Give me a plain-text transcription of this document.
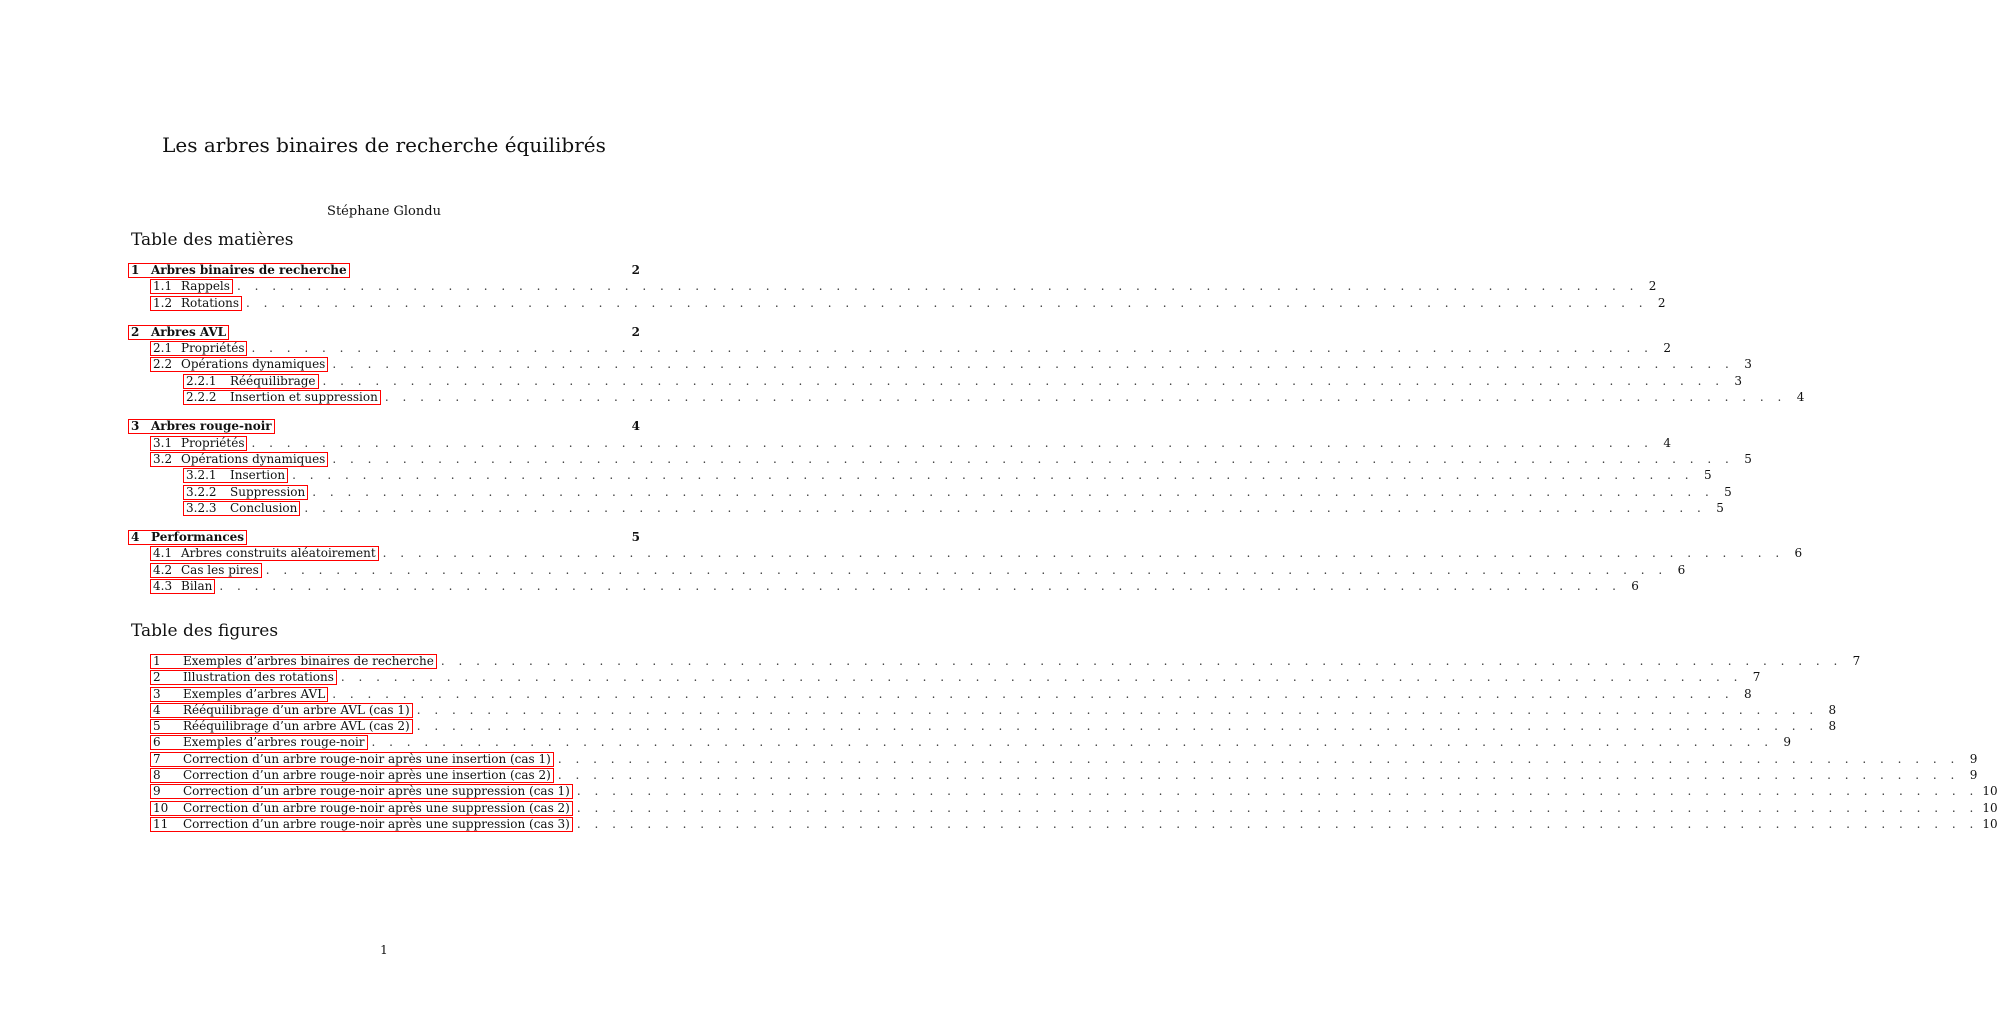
Les arbres binaires de recherche équilibrés
Stéphane Glondu
Table des matières
1 Arbres binaires de recherche	2
1.1 Rappels . . . . . . . . . . . . . . . . . . . . . . . . . . . . . . . . . . . . . . . . . . . . . . . . . . . . . . . . . . . . . . . . . . . . . . . . . . . . . . . . 2
1.2 Rotations . . . . . . . . . . . . . . . . . . . . . . . . . . . . . . . . . . . . . . . . . . . . . . . . . . . . . . . . . . . . . . . . . . . . . . . . . . . . . . . . 2
2 Arbres AVL	2
2.1 Propriétés . . . . . . . . . . . . . . . . . . . . . . . . . . . . . . . . . . . . . . . . . . . . . . . . . . . . . . . . . . . . . . . . . . . . . . . . . . . . . . . . 2
2.2 Opérations dynamiques . . . . . . . . . . . . . . . . . . . . . . . . . . . . . . . . . . . . . . . . . . . . . . . . . . . . . . . . . . . . . . . . . . . . . . . . . . . . . . . . 3
2.2.1 Rééquilibrage . . . . . . . . . . . . . . . . . . . . . . . . . . . . . . . . . . . . . . . . . . . . . . . . . . . . . . . . . . . . . . . . . . . . . . . . . . . . . . . . 3
2.2.2 Insertion et suppression . . . . . . . . . . . . . . . . . . . . . . . . . . . . . . . . . . . . . . . . . . . . . . . . . . . . . . . . . . . . . . . . . . . . . . . . . . . . . . . . 4
3 Arbres rouge-noir	4
3.1 Propriétés . . . . . . . . . . . . . . . . . . . . . . . . . . . . . . . . . . . . . . . . . . . . . . . . . . . . . . . . . . . . . . . . . . . . . . . . . . . . . . . . 4
3.2 Opérations dynamiques . . . . . . . . . . . . . . . . . . . . . . . . . . . . . . . . . . . . . . . . . . . . . . . . . . . . . . . . . . . . . . . . . . . . . . . . . . . . . . . . 5
3.2.1 Insertion . . . . . . . . . . . . . . . . . . . . . . . . . . . . . . . . . . . . . . . . . . . . . . . . . . . . . . . . . . . . . . . . . . . . . . . . . . . . . . . . 5
3.2.2 Suppression . . . . . . . . . . . . . . . . . . . . . . . . . . . . . . . . . . . . . . . . . . . . . . . . . . . . . . . . . . . . . . . . . . . . . . . . . . . . . . . . 5
3.2.3 Conclusion . . . . . . . . . . . . . . . . . . . . . . . . . . . . . . . . . . . . . . . . . . . . . . . . . . . . . . . . . . . . . . . . . . . . . . . . . . . . . . . . 5
4 Performances	5
4.1 Arbres construits aléatoirement . . . . . . . . . . . . . . . . . . . . . . . . . . . . . . . . . . . . . . . . . . . . . . . . . . . . . . . . . . . . . . . . . . . . . . . . . . . . . . . . 6
4.2 Cas les pires . . . . . . . . . . . . . . . . . . . . . . . . . . . . . . . . . . . . . . . . . . . . . . . . . . . . . . . . . . . . . . . . . . . . . . . . . . . . . . . . 6
4.3 Bilan . . . . . . . . . . . . . . . . . . . . . . . . . . . . . . . . . . . . . . . . . . . . . . . . . . . . . . . . . . . . . . . . . . . . . . . . . . . . . . . . 6
Table des figures
1 Exemples d’arbres binaires de recherche . . . . . . . . . . . . . . . . . . . . . . . . . . . . . . . . . . . . . . . . . . . . . . . . . . . . . . . . . . . . . . . . . . . . . . . . . . . . . . . . 7
2 Illustration des rotations . . . . . . . . . . . . . . . . . . . . . . . . . . . . . . . . . . . . . . . . . . . . . . . . . . . . . . . . . . . . . . . . . . . . . . . . . . . . . . . . 7
3 Exemples d’arbres AVL . . . . . . . . . . . . . . . . . . . . . . . . . . . . . . . . . . . . . . . . . . . . . . . . . . . . . . . . . . . . . . . . . . . . . . . . . . . . . . . . 8
4 Rééquilibrage d’un arbre AVL (cas 1) . . . . . . . . . . . . . . . . . . . . . . . . . . . . . . . . . . . . . . . . . . . . . . . . . . . . . . . . . . . . . . . . . . . . . . . . . . . . . . . . 8
5 Rééquilibrage d’un arbre AVL (cas 2) . . . . . . . . . . . . . . . . . . . . . . . . . . . . . . . . . . . . . . . . . . . . . . . . . . . . . . . . . . . . . . . . . . . . . . . . . . . . . . . . 8
6 Exemples d’arbres rouge-noir . . . . . . . . . . . . . . . . . . . . . . . . . . . . . . . . . . . . . . . . . . . . . . . . . . . . . . . . . . . . . . . . . . . . . . . . . . . . . . . . 9
7 Correction d’un arbre rouge-noir après une insertion (cas 1) . . . . . . . . . . . . . . . . . . . . . . . . . . . . . . . . . . . . . . . . . . . . . . . . . . . . . . . . . . . . . . . . . . . . . . . . . . . . . . . . 9
8 Correction d’un arbre rouge-noir après une insertion (cas 2) . . . . . . . . . . . . . . . . . . . . . . . . . . . . . . . . . . . . . . . . . . . . . . . . . . . . . . . . . . . . . . . . . . . . . . . . . . . . . . . . 9
9 Correction d’un arbre rouge-noir après une suppression (cas 1) . . . . . . . . . . . . . . . . . . . . . . . . . . . . . . . . . . . . . . . . . . . . . . . . . . . . . . . . . . . . . . . . . . . . . . . . . . . . . . . . 10
10 Correction d’un arbre rouge-noir après une suppression (cas 2) . . . . . . . . . . . . . . . . . . . . . . . . . . . . . . . . . . . . . . . . . . . . . . . . . . . . . . . . . . . . . . . . . . . . . . . . . . . . . . . . 10
11 Correction d’un arbre rouge-noir après une suppression (cas 3) . . . . . . . . . . . . . . . . . . . . . . . . . . . . . . . . . . . . . . . . . . . . . . . . . . . . . . . . . . . . . . . . . . . . . . . . . . . . . . . . 10
1
